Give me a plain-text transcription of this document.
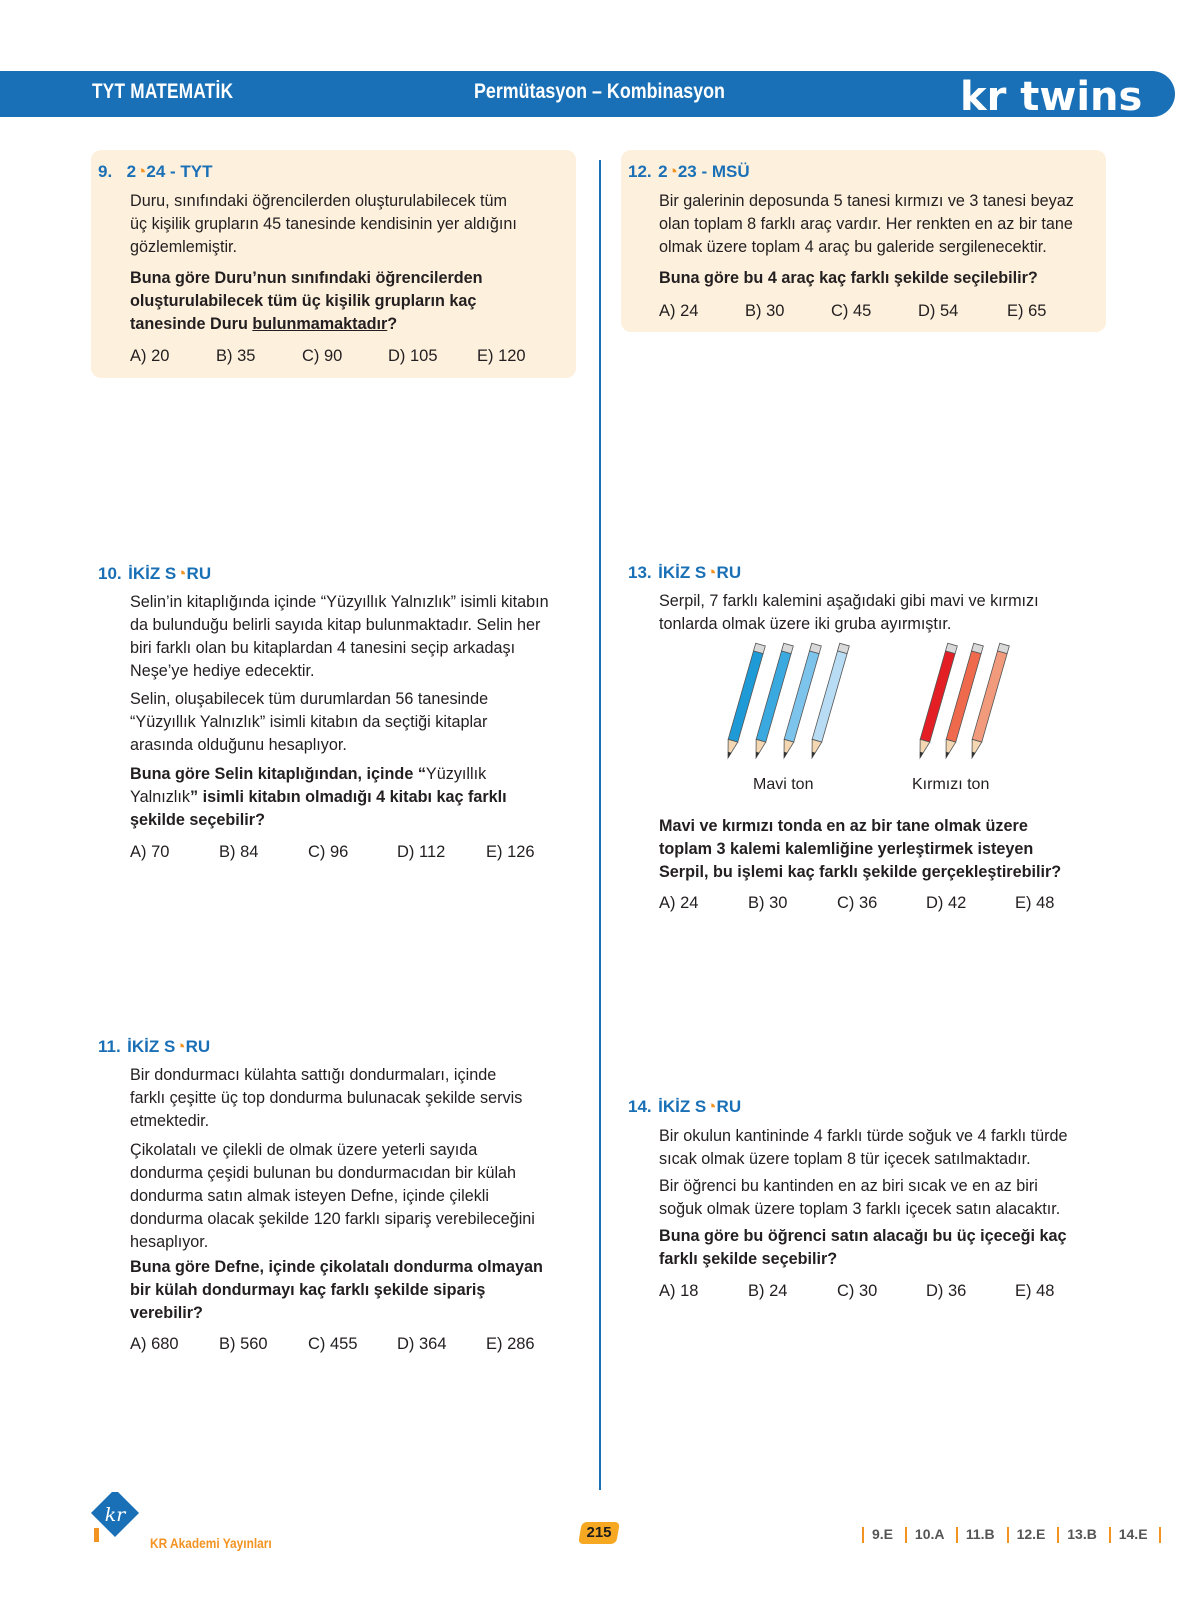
TYT MATEMATİK	Permütasyon – Kombinasyon	kr twins
9. 2◔24 - TYT
Duru, sınıfındaki öğrencilerden oluşturulabilecek tüm
üç kişilik grupların 45 tanesinde kendisinin yer aldığını
gözlemlemiştir.
Buna göre Duru’nun sınıfındaki öğrencilerden
oluşturulabilecek tüm üç kişilik grupların kaç
tanesinde Duru bulunmamaktadır?
A) 20	B) 35	C) 90	D) 105 E) 120
12. 2◔23 - MSÜ
Bir galerinin deposunda 5 tanesi kırmızı ve 3 tanesi beyaz
olan toplam 8 farklı araç vardır. Her renkten en az bir tane
olmak üzere toplam 4 araç bu galeride sergilenecektir.
Buna göre bu 4 araç kaç farklı şekilde seçilebilir?
A) 24	B) 30	C) 45	D) 54	E) 65
10. İKİZ S◔RU
Selin’in kitaplığında içinde “Yüzyıllık Yalnızlık” isimli kitabın
da bulunduğu belirli sayıda kitap bulunmaktadır. Selin her
biri farklı olan bu kitaplardan 4 tanesini seçip arkadaşı
Neşe’ye hediye edecektir.
Selin, oluşabilecek tüm durumlardan 56 tanesinde
“Yüzyıllık Yalnızlık” isimli kitabın da seçtiği kitaplar
arasında olduğunu hesaplıyor.
Buna göre Selin kitaplığından, içinde “Yüzyıllık
Yalnızlık” isimli kitabın olmadığı 4 kitabı kaç farklı
şekilde seçebilir?
A) 70	B) 84	C) 96	D) 112 E) 126
13. İKİZ S◔RU
Serpil, 7 farklı kalemini aşağıdaki gibi mavi ve kırmızı
tonlarda olmak üzere iki gruba ayırmıştır.
Mavi ton	Kırmızı ton
Mavi ve kırmızı tonda en az bir tane olmak üzere
toplam 3 kalemi kalemliğine yerleştirmek isteyen
Serpil, bu işlemi kaç farklı şekilde gerçekleştirebilir?
A) 24	B) 30	C) 36	D) 42	E) 48
11. İKİZ S◔RU
Bir dondurmacı külahta sattığı dondurmaları, içinde
farklı çeşitte üç top dondurma bulunacak şekilde servis
etmektedir.
Çikolatalı ve çilekli de olmak üzere yeterli sayıda
dondurma çeşidi bulunan bu dondurmacıdan bir külah
dondurma satın almak isteyen Defne, içinde çilekli
dondurma olacak şekilde 120 farklı sipariş verebileceğini
hesaplıyor.
Buna göre Defne, içinde çikolatalı dondurma olmayan
bir külah dondurmayı kaç farklı şekilde sipariş
verebilir?
A) 680 B) 560 C) 455 D) 364 E) 286
14. İKİZ S◔RU
Bir okulun kantininde 4 farklı türde soğuk ve 4 farklı türde
sıcak olmak üzere toplam 8 tür içecek satılmaktadır.
Bir öğrenci bu kantinden en az biri sıcak ve en az biri
soğuk olmak üzere toplam 3 farklı içecek satın alacaktır.
Buna göre bu öğrenci satın alacağı bu üç içeceği kaç
farklı şekilde seçebilir?
A) 18	B) 24	C) 30	D) 36	E) 48
kr
KR Akademi Yayınları
215	9.E 10.A 11.B 12.E 13.B 14.E
